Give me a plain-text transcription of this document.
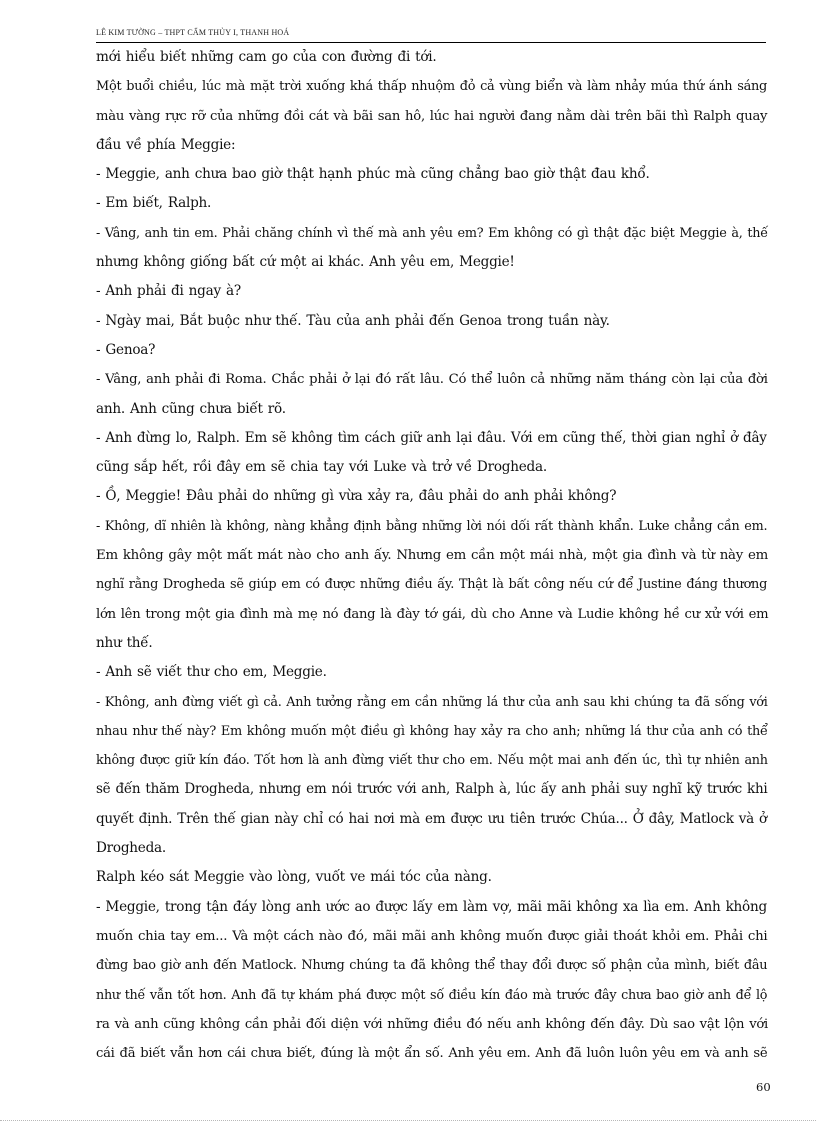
LÊ KIM TƯỜNG – THPT CẨM THỦY I, THANH HOÁ
mới hiểu biết những cam go của con đường đi tới.
Một buổi chiều, lúc mà mặt trời xuống khá thấp nhuộm đỏ cả vùng biển và làm nhảy múa thứ ánh sáng
màu vàng rực rỡ của những đồi cát và bãi san hô, lúc hai người đang nằm dài trên bãi thì Ralph quay
đầu về phía Meggie:
- Meggie, anh chưa bao giờ thật hạnh phúc mà cũng chẳng bao giờ thật đau khổ.
- Em biết, Ralph.
- Vâng, anh tin em. Phải chăng chính vì thế mà anh yêu em? Em không có gì thật đặc biệt Meggie à, thế
nhưng không giống bất cứ một ai khác. Anh yêu em, Meggie!
- Anh phải đi ngay à?
- Ngày mai, Bắt buộc như thế. Tàu của anh phải đến Genoa trong tuần này.
- Genoa?
- Vâng, anh phải đi Roma. Chắc phải ở lại đó rất lâu. Có thể luôn cả những năm tháng còn lại của đời
anh. Anh cũng chưa biết rõ.
- Anh đừng lo, Ralph. Em sẽ không tìm cách giữ anh lại đâu. Với em cũng thế, thời gian nghỉ ở đây
cũng sắp hết, rồi đây em sẽ chia tay với Luke và trở về Drogheda.
- Ồ, Meggie! Đâu phải do những gì vừa xảy ra, đâu phải do anh phải không?
- Không, dĩ nhiên là không, nàng khẳng định bằng những lời nói dối rất thành khẩn. Luke chẳng cần em.
Em không gây một mất mát nào cho anh ấy. Nhưng em cần một mái nhà, một gia đình và từ này em
nghĩ rằng Drogheda sẽ giúp em có được những điều ấy. Thật là bất công nếu cứ để Justine đáng thương
lớn lên trong một gia đình mà mẹ nó đang là đày tớ gái, dù cho Anne và Ludie không hề cư xử với em
như thế.
- Anh sẽ viết thư cho em, Meggie.
- Không, anh đừng viết gì cả. Anh tưởng rằng em cần những lá thư của anh sau khi chúng ta đã sống với
nhau như thế này? Em không muốn một điều gì không hay xảy ra cho anh; những lá thư của anh có thể
không được giữ kín đáo. Tốt hơn là anh đừng viết thư cho em. Nếu một mai anh đến úc, thì tự nhiên anh
sẽ đến thăm Drogheda, nhưng em nói trước với anh, Ralph à, lúc ấy anh phải suy nghĩ kỹ trước khi
quyết định. Trên thế gian này chỉ có hai nơi mà em được ưu tiên trước Chúa... Ở đây, Matlock và ở
Drogheda.
Ralph kéo sát Meggie vào lòng, vuốt ve mái tóc của nàng.
- Meggie, trong tận đáy lòng anh ước ao được lấy em làm vợ, mãi mãi không xa lìa em. Anh không
muốn chia tay em... Và một cách nào đó, mãi mãi anh không muốn được giải thoát khỏi em. Phải chi
đừng bao giờ anh đến Matlock. Nhưng chúng ta đã không thể thay đổi được số phận của mình, biết đâu
như thế vẫn tốt hơn. Anh đã tự khám phá được một số điều kín đáo mà trước đây chưa bao giờ anh để lộ
ra và anh cũng không cần phải đối diện với những điều đó nếu anh không đến đây. Dù sao vật lộn với
cái đã biết vẫn hơn cái chưa biết, đúng là một ẩn số. Anh yêu em. Anh đã luôn luôn yêu em và anh sẽ
60
